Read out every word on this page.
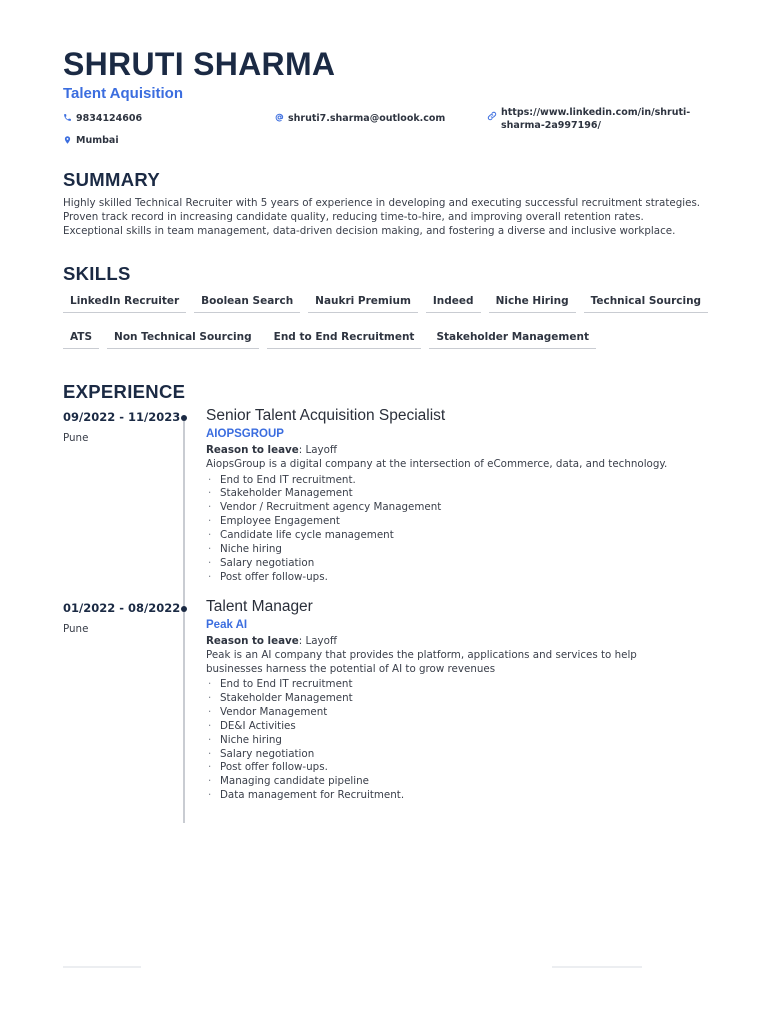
SHRUTI SHARMA
Talent Aquisition
9834124606	shruti7.sharma@outlook.com
https://www.linkedin.com/in/shruti-
sharma-2a997196/
Mumbai
SUMMARY
Highly skilled Technical Recruiter with 5 years of experience in developing and executing successful recruitment strategies. Proven track record in increasing candidate quality, reducing time-to-hire, and improving overall retention rates. Exceptional skills in team management, data-driven decision making, and fostering a diverse and inclusive workplace.
SKILLS
LinkedIn Recruiter	Boolean Search	Naukri Premium	Indeed	Niche Hiring	Technical Sourcing
ATS	Non Technical Sourcing	End to End Recruitment	Stakeholder Management
EXPERIENCE
09/2022 - 11/2023
Pune
Senior Talent Acquisition Specialist
AIOPSGROUP
Reason to leave: Layoff
AiopsGroup is a digital company at the intersection of eCommerce, data, and technology.
· End to End IT recruitment.
· Stakeholder Management
· Vendor / Recruitment agency Management
· Employee Engagement
· Candidate life cycle management
· Niche hiring
· Salary negotiation
· Post offer follow-ups.
01/2022 - 08/2022
Pune
Talent Manager
Peak AI
Reason to leave: Layoff
Peak is an AI company that provides the platform, applications and services to help businesses harness the potential of AI to grow revenues
· End to End IT recruitment
· Stakeholder Management
· Vendor Management
· DE&I Activities
· Niche hiring
· Salary negotiation
· Post offer follow-ups.
· Managing candidate pipeline
· Data management for Recruitment.
